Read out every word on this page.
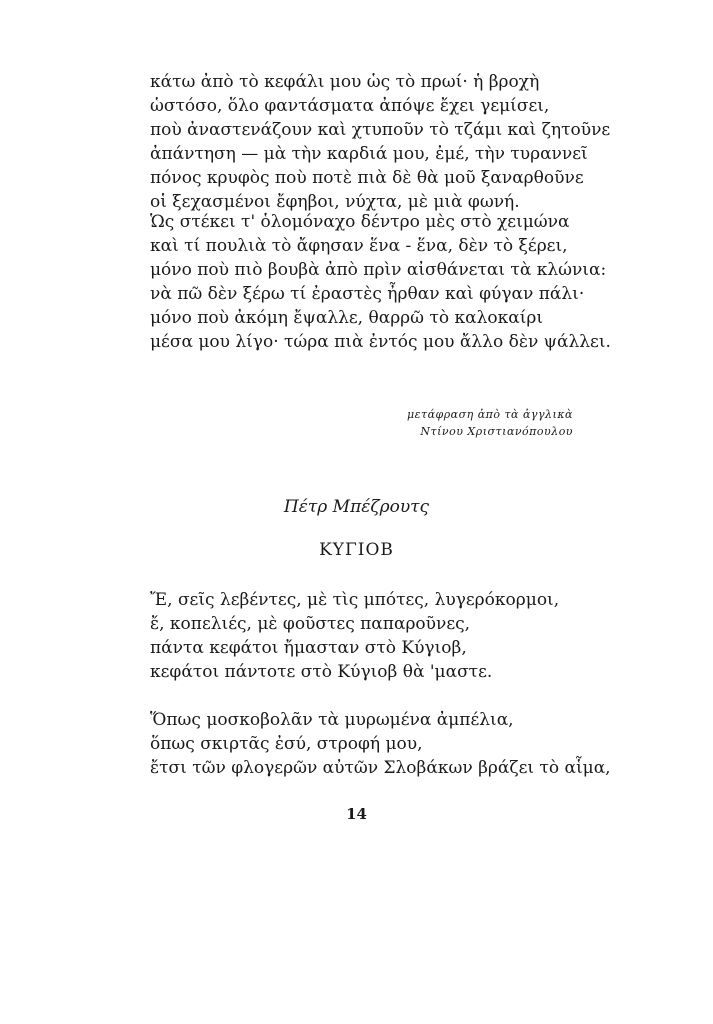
κάτω ἀπὸ τὸ κεφάλι μου ὡς τὸ πρωί· ἡ βροχὴ
ὡστόσο, ὅλο φαντάσματα ἀπόψε ἔχει γεμίσει,
ποὺ ἀναστενάζουν καὶ χτυποῦν τὸ τζάμι καὶ ζητοῦνε
ἀπάντηση — μὰ τὴν καρδιά μου, ἐμέ, τὴν τυραννεῖ
πόνος κρυφὸς ποὺ ποτὲ πιὰ δὲ θὰ μοῦ ξαναρθοῦνε
οἱ ξεχασμένοι ἔφηβοι, νύχτα, μὲ μιὰ φωνή.
Ὡς στέκει τ' ὁλομόναχο δέντρο μὲς στὸ χειμώνα
καὶ τί πουλιὰ τὸ ἄφησαν ἕνα - ἕνα, δὲν τὸ ξέρει,
μόνο ποὺ πιὸ βουβὰ ἀπὸ πρὶν αἰσθάνεται τὰ κλώνια:
νὰ πῶ δὲν ξέρω τί ἐραστὲς ἦρθαν καὶ φύγαν πάλι·
μόνο ποὺ ἀκόμη ἔψαλλε, θαρρῶ τὸ καλοκαίρι
μέσα μου λίγο· τώρα πιὰ ἐντός μου ἄλλο δὲν ψάλλει.
μετάφραση ἀπὸ τὰ ἀγγλικὰ
Ντίνου Χριστιανόπουλου
Πέτρ Μπέζρουτς
ΚΥΓΙΟΒ
Ἔ, σεῖς λεβέντες, μὲ τὶς μπότες, λυγερόκορμοι,
ἔ, κοπελιές, μὲ φοῦστες παπαροῦνες,
πάντα κεφάτοι ἤμασταν στὸ Κύγιοβ,
κεφάτοι πάντοτε στὸ Κύγιοβ θὰ 'μαστε.
Ὅπως μοσκοβολᾶν τὰ μυρωμένα ἀμπέλια,
ὅπως σκιρτᾶς ἐσύ, στροφή μου,
ἔτσι τῶν φλογερῶν αὐτῶν Σλοβάκων βράζει τὸ αἷμα,
14
